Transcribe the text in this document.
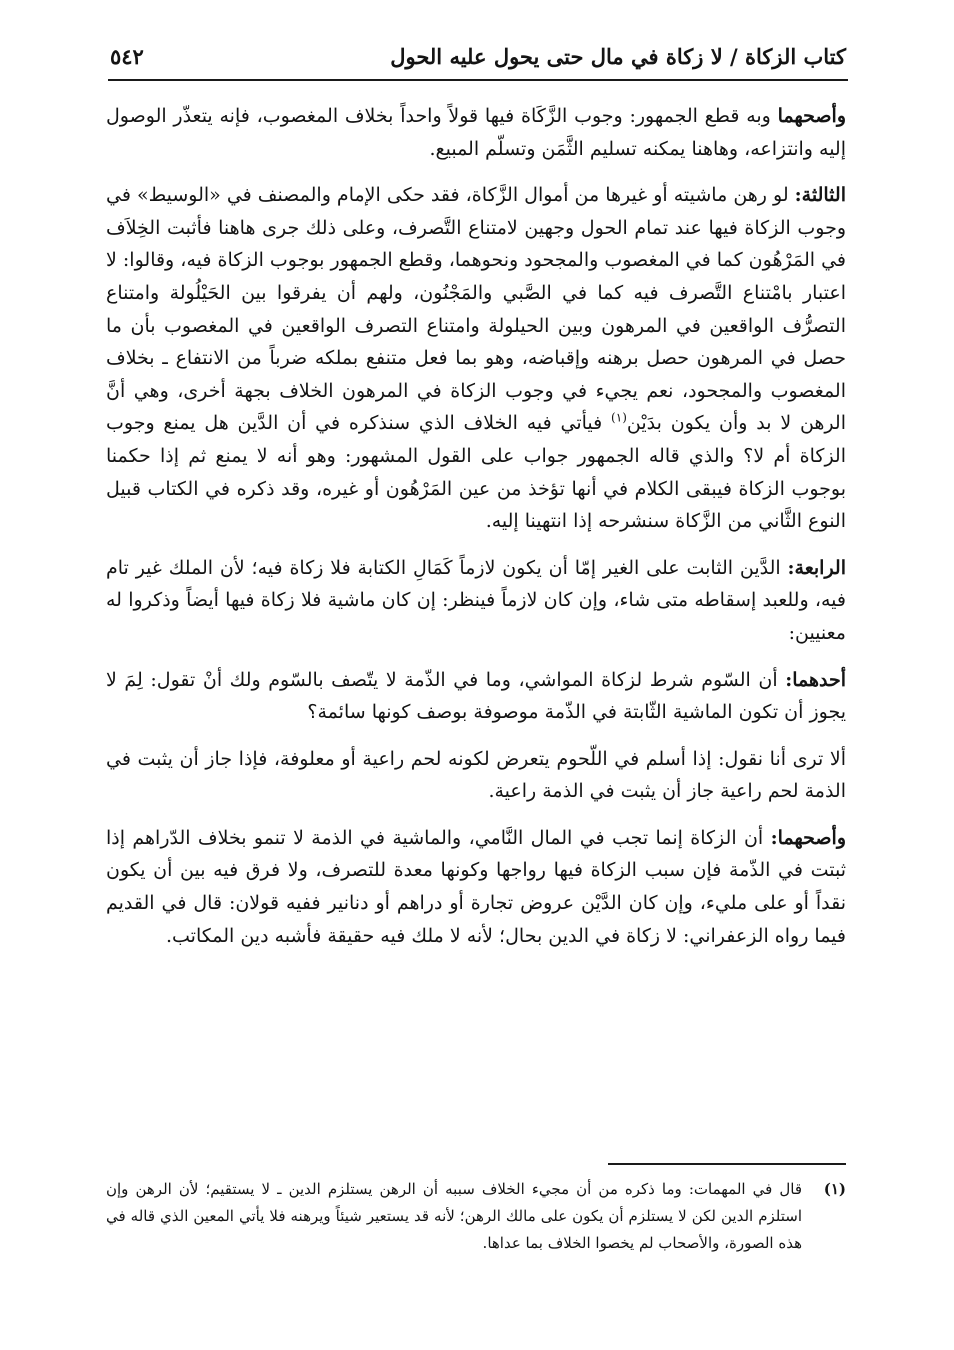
كتاب الزكاة / لا زكاة في مال حتى يحول عليه الحول
٥٤٢

وأصحهما وبه قطع الجمهور: وجوب الزَّكَاة فيها قولاً واحداً بخلاف المغصوب، فإنه يتعذّر الوصول إليه وانتزاعه، وهاهنا يمكنه تسليم الثَّمَن وتسلّم المبيع.

الثالثة: لو رهن ماشيته أو غيرها من أموال الزَّكاة، فقد حكى الإمام والمصنف في «الوسيط» في وجوب الزكاة فيها عند تمام الحول وجهين لامتناع التَّصرف، وعلى ذلك جرى هاهنا فأثبت الخِلاَف في المَرْهُون كما في المغصوب والمجحود ونحوهما، وقطع الجمهور بوجوب الزكاة فيه، وقالوا: لا اعتبار بامْتناع التَّصرف فيه كما في الصَّبي والمَجْنُون، ولهم أن يفرقوا بين الحَيْلُولة وامتناع التصرُّف الواقعين في المرهون وبين الحيلولة وامتناع التصرف الواقعين في المغصوب بأن ما حصل في المرهون حصل برهنه وإقباضه، وهو بما فعل متنفع بملكه ضرباً من الانتفاع ـ بخلاف المغصوب والمجحود، نعم يجيء في وجوب الزكاة في المرهون الخلاف بجهة أخرى، وهي أنَّ الرهن لا بد وأن يكون بدَيْن$^{(١)}$ فيأتي فيه الخلاف الذي سنذكره في أن الدَّين هل يمنع وجوب الزكاة أم لا؟ والذي قاله الجمهور جواب على القول المشهور: وهو أنه لا يمنع ثم إذا حكمنا بوجوب الزكاة فيبقى الكلام في أنها تؤخذ من عين المَرْهُون أو غيره، وقد ذكره في الكتاب قبيل النوع الثَّاني من الزَّكاة سنشرحه إذا انتهينا إليه.

الرابعة: الدَّين الثابت على الغير إمّا أن يكون لازماً كَمَالِ الكتابة فلا زكاة فيه؛ لأن الملك غير تام فيه، وللعبد إسقاطه متى شاء، وإن كان لازماً فينظر: إن كان ماشية فلا زكاة فيها أيضاً وذكروا له معنيين:

أحدهما: أن السّوم شرط لزكاة المواشي، وما في الذّمة لا يتّصف بالسّوم ولك أنْ تقول: لِمَ لا يجوز أن تكون الماشية الثّابتة في الذّمة موصوفة بوصف كونها سائمة؟

ألا ترى أنا نقول: إذا أسلم في اللّحوم يتعرض لكونه لحم راعية أو معلوفة، فإذا جاز أن يثبت في الذمة لحم راعية جاز أن يثبت في الذمة راعية.

وأصحهما: أن الزكاة إنما تجب في المال النَّامي، والماشية في الذمة لا تنمو بخلاف الدّراهم إذا ثبتت في الذّمة فإن سبب الزكاة فيها رواجها وكونها معدة للتصرف، ولا فرق فيه بين أن يكون نقداً أو على مليء، وإن كان الدَّيْن عروض تجارة أو دراهم أو دنانير ففيه قولان: قال في القديم فيما رواه الزعفراني: لا زكاة في الدين بحال؛ لأنه لا ملك فيه حقيقة فأشبه دين المكاتب.

(١)
قال في المهمات: وما ذكره من أن مجيء الخلاف سببه أن الرهن يستلزم الدين ـ لا يستقيم؛ لأن الرهن وإن استلزم الدين لكن لا يستلزم أن يكون على مالك الرهن؛ لأنه قد يستعير شيئاً ويرهنه فلا يأتي المعين الذي قاله في هذه الصورة، والأصحاب لم يخصوا الخلاف بما عداها.
